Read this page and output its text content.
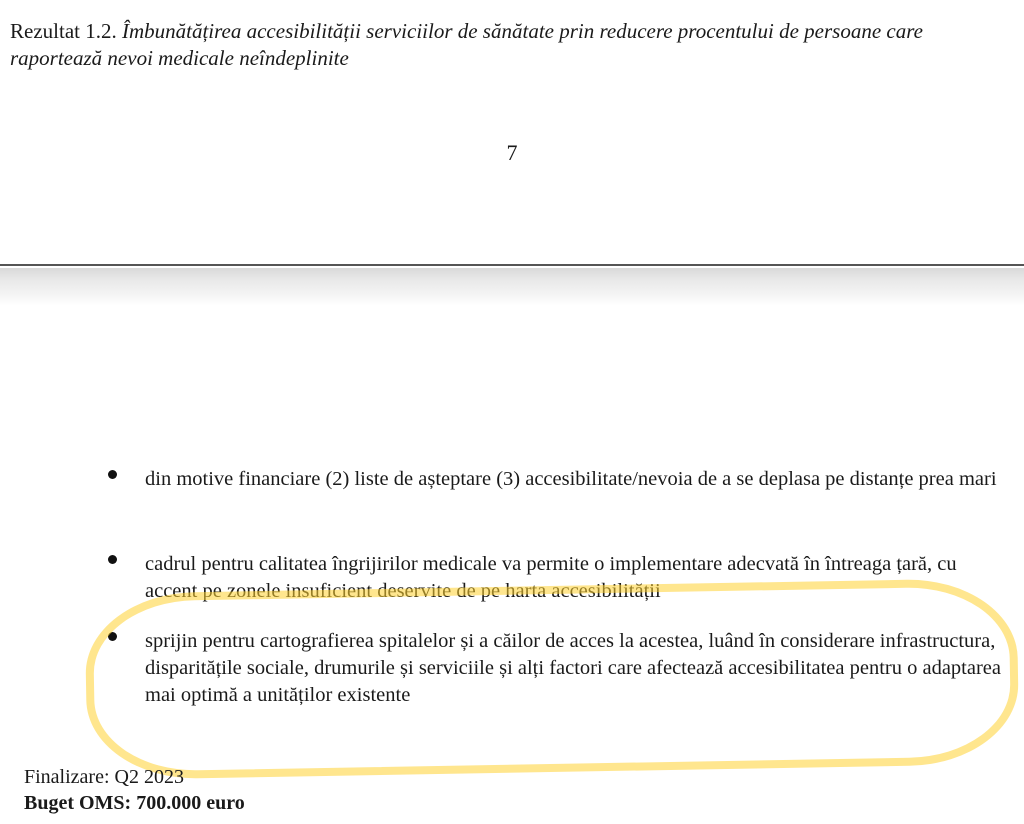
Rezultat 1.2. Îmbunătățirea accesibilității serviciilor de sănătate prin reducere procentului de persoane care raportează nevoi medicale neîndeplinite

7
din motive financiare (2) liste de așteptare (3) accesibilitate/nevoia de a se deplasa pe distanțe prea mari
cadrul pentru calitatea îngrijirilor medicale va permite o implementare adecvată în întreaga țară, cu accent pe zonele insuficient deservite de pe harta accesibilității
sprijin pentru cartografierea spitalelor și a căilor de acces la acestea, luând în considerare infrastructura, disparitățile sociale, drumurile și serviciile și alți factori care afectează accesibilitatea pentru o adaptarea mai optimă a unităților existente
Finalizare: Q2 2023
Buget OMS: 700.000 euro
